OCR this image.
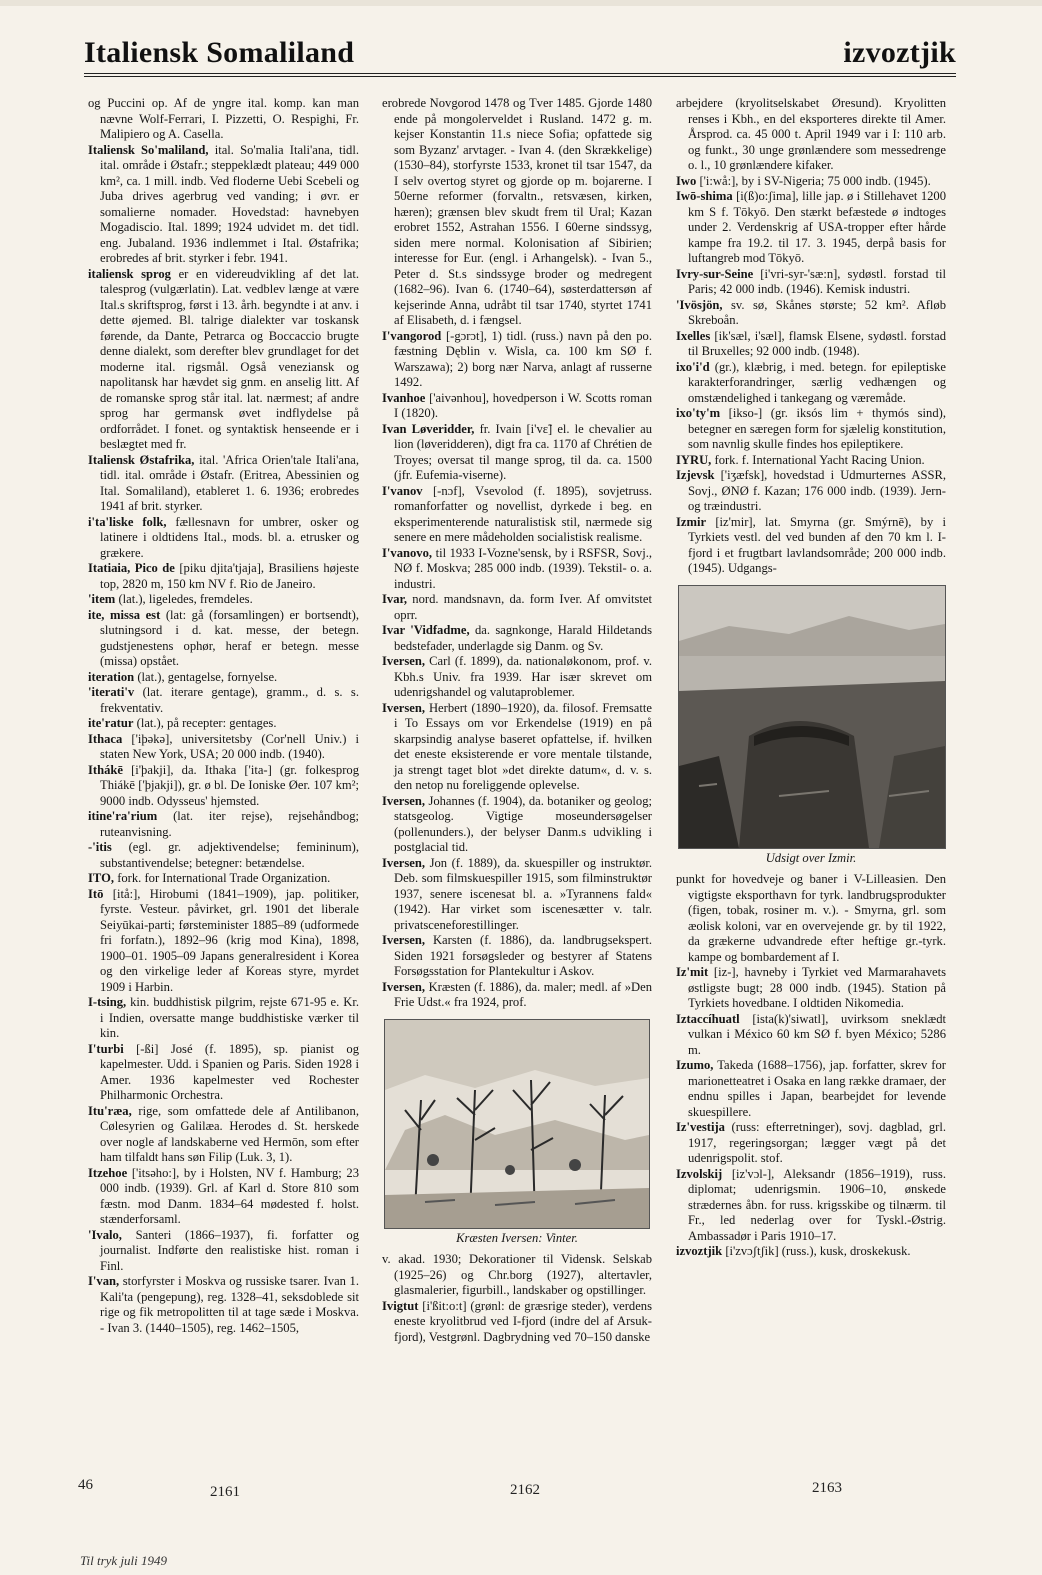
Italiensk Somaliland	izvoztjik

og Puccini op. Af de yngre ital. komp. kan man nævne Wolf-Ferrari, I. Pizzetti, O. Respighi, Fr. Malipiero og A. Casella.

Italiensk So'maliland, ital. So'malia Itali'ana, tidl. ital. område i Østafr.; steppeklædt plateau; 449 000 km², ca. 1 mill. indb. Ved floderne Uebi Scebeli og Juba drives agerbrug ved vanding; i øvr. er somalierne nomader. Hovedstad: havnebyen Mogadiscio. Ital. 1899; 1924 udvidet m. det tidl. eng. Jubaland. 1936 indlemmet i Ital. Østafrika; erobredes af brit. styrker i febr. 1941.

italiensk sprog er en videreudvikling af det lat. talesprog (vulgærlatin). Lat. vedblev længe at være Ital.s skriftsprog, først i 13. årh. begyndte i at anv. i dette øjemed. Bl. talrige dialekter var toskansk førende, da Dante, Petrarca og Boccaccio brugte denne dialekt, som derefter blev grundlaget for det moderne ital. rigsmål. Også veneziansk og napolitansk har hævdet sig gnm. en anselig litt. Af de romanske sprog står ital. lat. nærmest; af andre sprog har germansk øvet indflydelse på ordforrådet. I fonet. og syntaktisk henseende er i beslægtet med fr.

Italiensk Østafrika, ital. 'Africa Orien'tale Itali'ana, tidl. ital. område i Østafr. (Eritrea, Abessinien og Ital. Somaliland), etableret 1. 6. 1936; erobredes 1941 af brit. styrker.

i'ta'liske folk, fællesnavn for umbrer, osker og latinere i oldtidens Ital., mods. bl. a. etrusker og grækere.

Itatiaia, Pico de [piku djita'tjaja], Brasiliens højeste top, 2820 m, 150 km NV f. Rio de Janeiro.

'item (lat.), ligeledes, fremdeles.

ite, missa est (lat: gå (forsamlingen) er bortsendt), slutningsord i d. kat. messe, der betegn. gudstjenestens ophør, heraf er betegn. messe (missa) opstået.

iteration (lat.), gentagelse, fornyelse.

'iterati'v (lat. iterare gentage), gramm., d. s. s. frekventativ.

ite'ratur (lat.), på recepter: gentages.

Ithaca ['iþəkə], universitetsby (Cor'nell Univ.) i staten New York, USA; 20 000 indb. (1940).

Ithákē [i'þakji], da. Ithaka ['ita-] (gr. folkesprog Thiákē ['þjakji]), gr. ø bl. De Ioniske Øer. 107 km²; 9000 indb. Odysseus' hjemsted.

itine'ra'rium (lat. iter rejse), rejsehåndbog; ruteanvisning.

-'itis (egl. gr. adjektivendelse; femininum), substantivendelse; betegner: betændelse.

ITO, fork. for International Trade Organization.

Itō [itå:], Hirobumi (1841–1909), jap. politiker, fyrste. Vesteur. påvirket, grl. 1901 det liberale Seiyūkai-parti; førsteminister 1885–89 (udformede fri forfatn.), 1892–96 (krig mod Kina), 1898, 1900–01. 1905–09 Japans generalresident i Korea og den virkelige leder af Koreas styre, myrdet 1909 i Harbin.

I-tsing, kin. buddhistisk pilgrim, rejste 671-95 e. Kr. i Indien, oversatte mange buddhistiske værker til kin.

I'turbi [-ßi] José (f. 1895), sp. pianist og kapelmester. Udd. i Spanien og Paris. Siden 1928 i Amer. 1936 kapelmester ved Rochester Philharmonic Orchestra.

Itu'ræa, rige, som omfattede dele af Antilibanon, Cølesyrien og Galilæa. Herodes d. St. herskede over nogle af landskaberne ved Hermōn, som efter ham tilfaldt hans søn Filip (Luk. 3, 1).

Itzehoe ['itsəho:], by i Holsten, NV f. Hamburg; 23 000 indb. (1939). Grl. af Karl d. Store 810 som fæstn. mod Danm. 1834–64 mødested f. holst. stænderforsaml.

'Ivalo, Santeri (1866–1937), fi. forfatter og journalist. Indførte den realistiske hist. roman i Finl.

I'van, storfyrster i Moskva og russiske tsarer. Ivan 1. Kali'ta (pengepung), reg. 1328–41, seksdoblede sit rige og fik metropolitten til at tage sæde i Moskva. - Ivan 3. (1440–1505), reg. 1462–1505,

erobrede Novgorod 1478 og Tver 1485. Gjorde 1480 ende på mongolerveldet i Rusland. 1472 g. m. kejser Konstantin 11.s niece Sofia; opfattede sig som Byzanz' arvtager. - Ivan 4. (den Skrækkelige) (1530–84), storfyrste 1533, kronet til tsar 1547, da I selv overtog styret og gjorde op m. bojarerne. I 50erne reformer (forvaltn., retsvæsen, kirken, hæren); grænsen blev skudt frem til Ural; Kazan erobret 1552, Astrahan 1556. I 60erne sindssyg, siden mere normal. Kolonisation af Sibirien; interesse for Eur. (engl. i Arhangelsk). - Ivan 5., Peter d. St.s sindssyge broder og medregent (1682–96). Ivan 6. (1740–64), søsterdattersøn af kejserinde Anna, udråbt til tsar 1740, styrtet 1741 af Elisabeth, d. i fængsel.

I'vangorod [-gɔrɔt], 1) tidl. (russ.) navn på den po. fæstning Dęblin v. Wisla, ca. 100 km SØ f. Warszawa); 2) borg nær Narva, anlagt af russerne 1492.

Ivanhoe ['aivənhou], hovedperson i W. Scotts roman I (1820).

Ivan Løveridder, fr. Ivain [i'vɛ̃] el. le chevalier au lion (løveridderen), digt fra ca. 1170 af Chrétien de Troyes; oversat til mange sprog, til da. ca. 1500 (jfr. Eufemia-viserne).

I'vanov [-nɔf], Vsevolod (f. 1895), sovjetruss. romanforfatter og novellist, dyrkede i beg. en eksperimenterende naturalistisk stil, nærmede sig senere en mere mådeholden socialistisk realisme.

I'vanovo, til 1933 I-Vozne'sensk, by i RSFSR, Sovj., NØ f. Moskva; 285 000 indb. (1939). Tekstil- o. a. industri.

Ivar, nord. mandsnavn, da. form Iver. Af omvitstet oprr.

Ivar 'Vidfadme, da. sagnkonge, Harald Hildetands bedstefader, underlagde sig Danm. og Sv.

Iversen, Carl (f. 1899), da. nationaløkonom, prof. v. Kbh.s Univ. fra 1939. Har især skrevet om udenrigshandel og valutaproblemer.

Iversen, Herbert (1890–1920), da. filosof. Fremsatte i To Essays om vor Erkendelse (1919) en på skarpsindig analyse baseret opfattelse, if. hvilken det eneste eksisterende er vore mentale tilstande, ja strengt taget blot »det direkte datum«, d. v. s. den netop nu foreliggende oplevelse.

Iversen, Johannes (f. 1904), da. botaniker og geolog; statsgeolog. Vigtige moseundersøgelser (pollenunders.), der belyser Danm.s udvikling i postglacial tid.

Iversen, Jon (f. 1889), da. skuespiller og instruktør. Deb. som filmskuespiller 1915, som filminstruktør 1937, senere iscenesat bl. a. »Tyrannens fald« (1942). Har virket som iscenesætter v. talr. privatsceneforestillinger.

Iversen, Karsten (f. 1886), da. landbrugsekspert. Siden 1921 forsøgsleder og bestyrer af Statens Forsøgsstation for Plantekultur i Askov.

Iversen, Kræsten (f. 1886), da. maler; medl. af »Den Frie Udst.« fra 1924, prof.

Kræsten Iversen: Vinter.

v. akad. 1930; Dekorationer til Vidensk. Selskab (1925–26) og Chr.borg (1927), altertavler, glasmalerier, figurbill., landskaber og opstillinger.

Ivigtut [i'ßit:o:t] (grønl: de græsrige steder), verdens eneste kryolitbrud ved I-fjord (indre del af Arsuk-fjord), Vestgrønl. Dagbrydning ved 70–150 danske

arbejdere (kryolitselskabet Øresund). Kryolitten renses i Kbh., en del eksporteres direkte til Amer. Årsprod. ca. 45 000 t. April 1949 var i I: 110 arb. og funkt., 30 unge grønlændere som messedrenge o. l., 10 grønlændere kifaker.

Iwo ['i:wå:], by i SV-Nigeria; 75 000 indb. (1945).

Iwō-shima [i(ß)o:ʃima], lille jap. ø i Stillehavet 1200 km S f. Tōkyō. Den stærkt befæstede ø indtoges under 2. Verdenskrig af USA-tropper efter hårde kampe fra 19.2. til 17. 3. 1945, derpå basis for luftangreb mod Tōkyō.

Ivry-sur-Seine [i'vri-syr-'sæ:n], sydøstl. forstad til Paris; 42 000 indb. (1946). Kemisk industri.

'Ivösjön, sv. sø, Skånes største; 52 km². Afløb Skreboån.

Ixelles [ik'sæl, i'sæl], flamsk Elsene, sydøstl. forstad til Bruxelles; 92 000 indb. (1948).

ixo'i'd (gr.), klæbrig, i med. betegn. for epileptiske karakterforandringer, særlig vedhængen og omstændelighed i tankegang og væremåde.

ixo'ty'm [ikso-] (gr. iksós lim + thymós sind), betegner en særegen form for sjælelig konstitution, som navnlig skulle findes hos epileptikere.

IYRU, fork. f. International Yacht Racing Union.

Izjevsk ['iʒæfsk], hovedstad i Udmurternes ASSR, Sovj., ØNØ f. Kazan; 176 000 indb. (1939). Jern- og træindustri.

Izmir [iz'mir], lat. Smyrna (gr. Smýrnē), by i Tyrkiets vestl. del ved bunden af den 70 km l. I-fjord i et frugtbart lavlandsområde; 200 000 indb. (1945). Udgangs-

Udsigt over Izmir.

punkt for hovedveje og baner i V-Lilleasien. Den vigtigste eksporthavn for tyrk. landbrugsprodukter (figen, tobak, rosiner m. v.). - Smyrna, grl. som æolisk koloni, var en overvejende gr. by til 1922, da grækerne udvandrede efter heftige gr.-tyrk. kampe og bombardement af I.

Iz'mit [iz-], havneby i Tyrkiet ved Marmarahavets østligste bugt; 28 000 indb. (1945). Station på Tyrkiets hovedbane. I oldtiden Nikomedia.

Iztaccíhuatl [ista(k)'siwatl], uvirksom sneklædt vulkan i México 60 km SØ f. byen México; 5286 m.

Izumo, Takeda (1688–1756), jap. forfatter, skrev for marionetteatret i Osaka en lang række dramaer, der endnu spilles i Japan, bearbejdet for levende skuespillere.

Iz'vestija (russ: efterretninger), sovj. dagblad, grl. 1917, regeringsorgan; lægger vægt på det udenrigspolit. stof.

Izvolskij [iz'vɔl-], Aleksandr (1856–1919), russ. diplomat; udenrigsmin. 1906–10, ønskede strædernes åbn. for russ. krigsskibe og tilnærm. til Fr., led nederlag over for Tyskl.-Østrig. Ambassadør i Paris 1910–17.

izvoztjik [i'zvɔʃtʃik] (russ.), kusk, droskekusk.

46	2161	2162	2163
Til tryk juli 1949
